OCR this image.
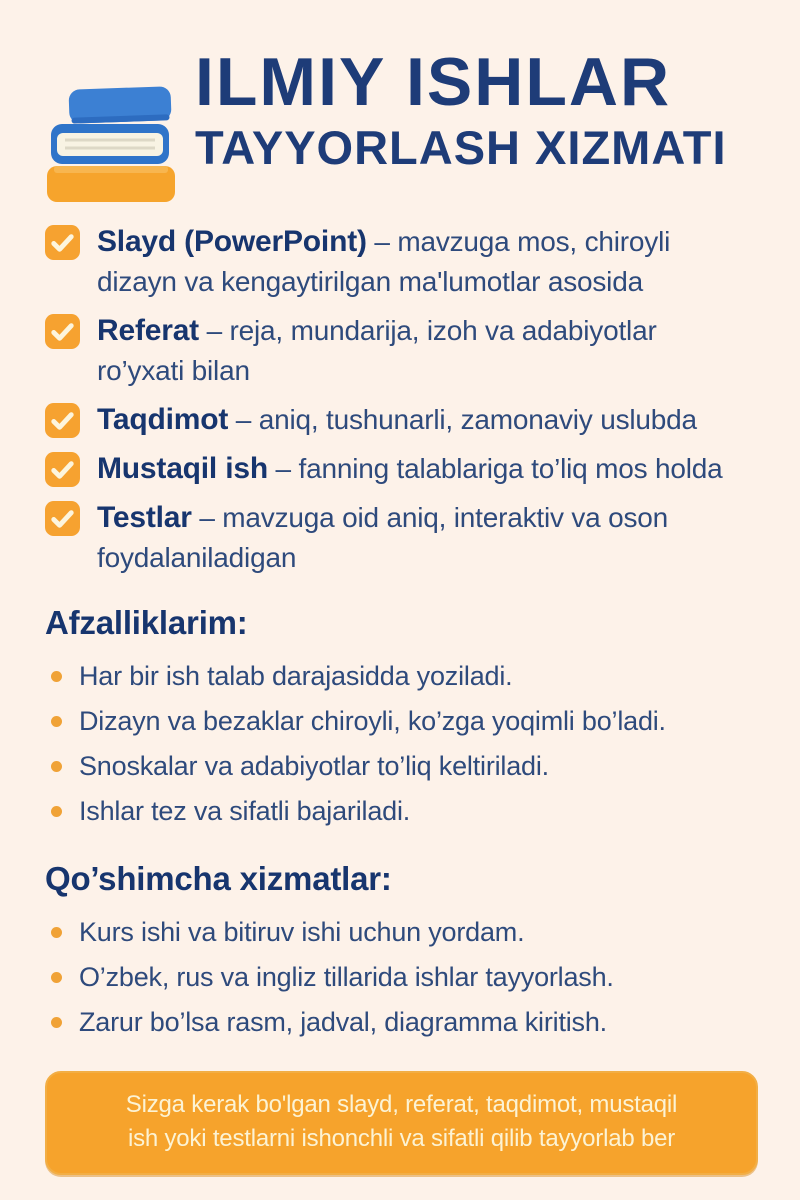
ILMIY ISHLAR
TAYYORLASH XIZMATI

Slayd (PowerPoint) – mavzuga mos, chiroyli dizayn va kengaytirilgan ma'lumotlar asosida

Referat – reja, mundarija, izoh va adabiyotlar ro’yxati bilan

Taqdimot – aniq, tushunarli, zamonaviy uslubda

Mustaqil ish – fanning talablariga to’liq mos holda

Testlar – mavzuga oid aniq, interaktiv va oson foydalaniladigan

Afzalliklarim:
Har bir ish talab darajasidda yoziladi.
Dizayn va bezaklar chiroyli, ko’zga yoqimli bo’ladi.
Snoskalar va adabiyotlar to’liq keltiriladi.
Ishlar tez va sifatli bajariladi.
Qo’shimcha xizmatlar:
Kurs ishi va bitiruv ishi uchun yordam.
O’zbek, rus va ingliz tillarida ishlar tayyorlash.
Zarur bo’lsa rasm, jadval, diagramma kiritish.
Sizga kerak bo'lgan slayd, referat, taqdimot, mustaqil
ish yoki testlarni ishonchli va sifatli qilib tayyorlab ber
